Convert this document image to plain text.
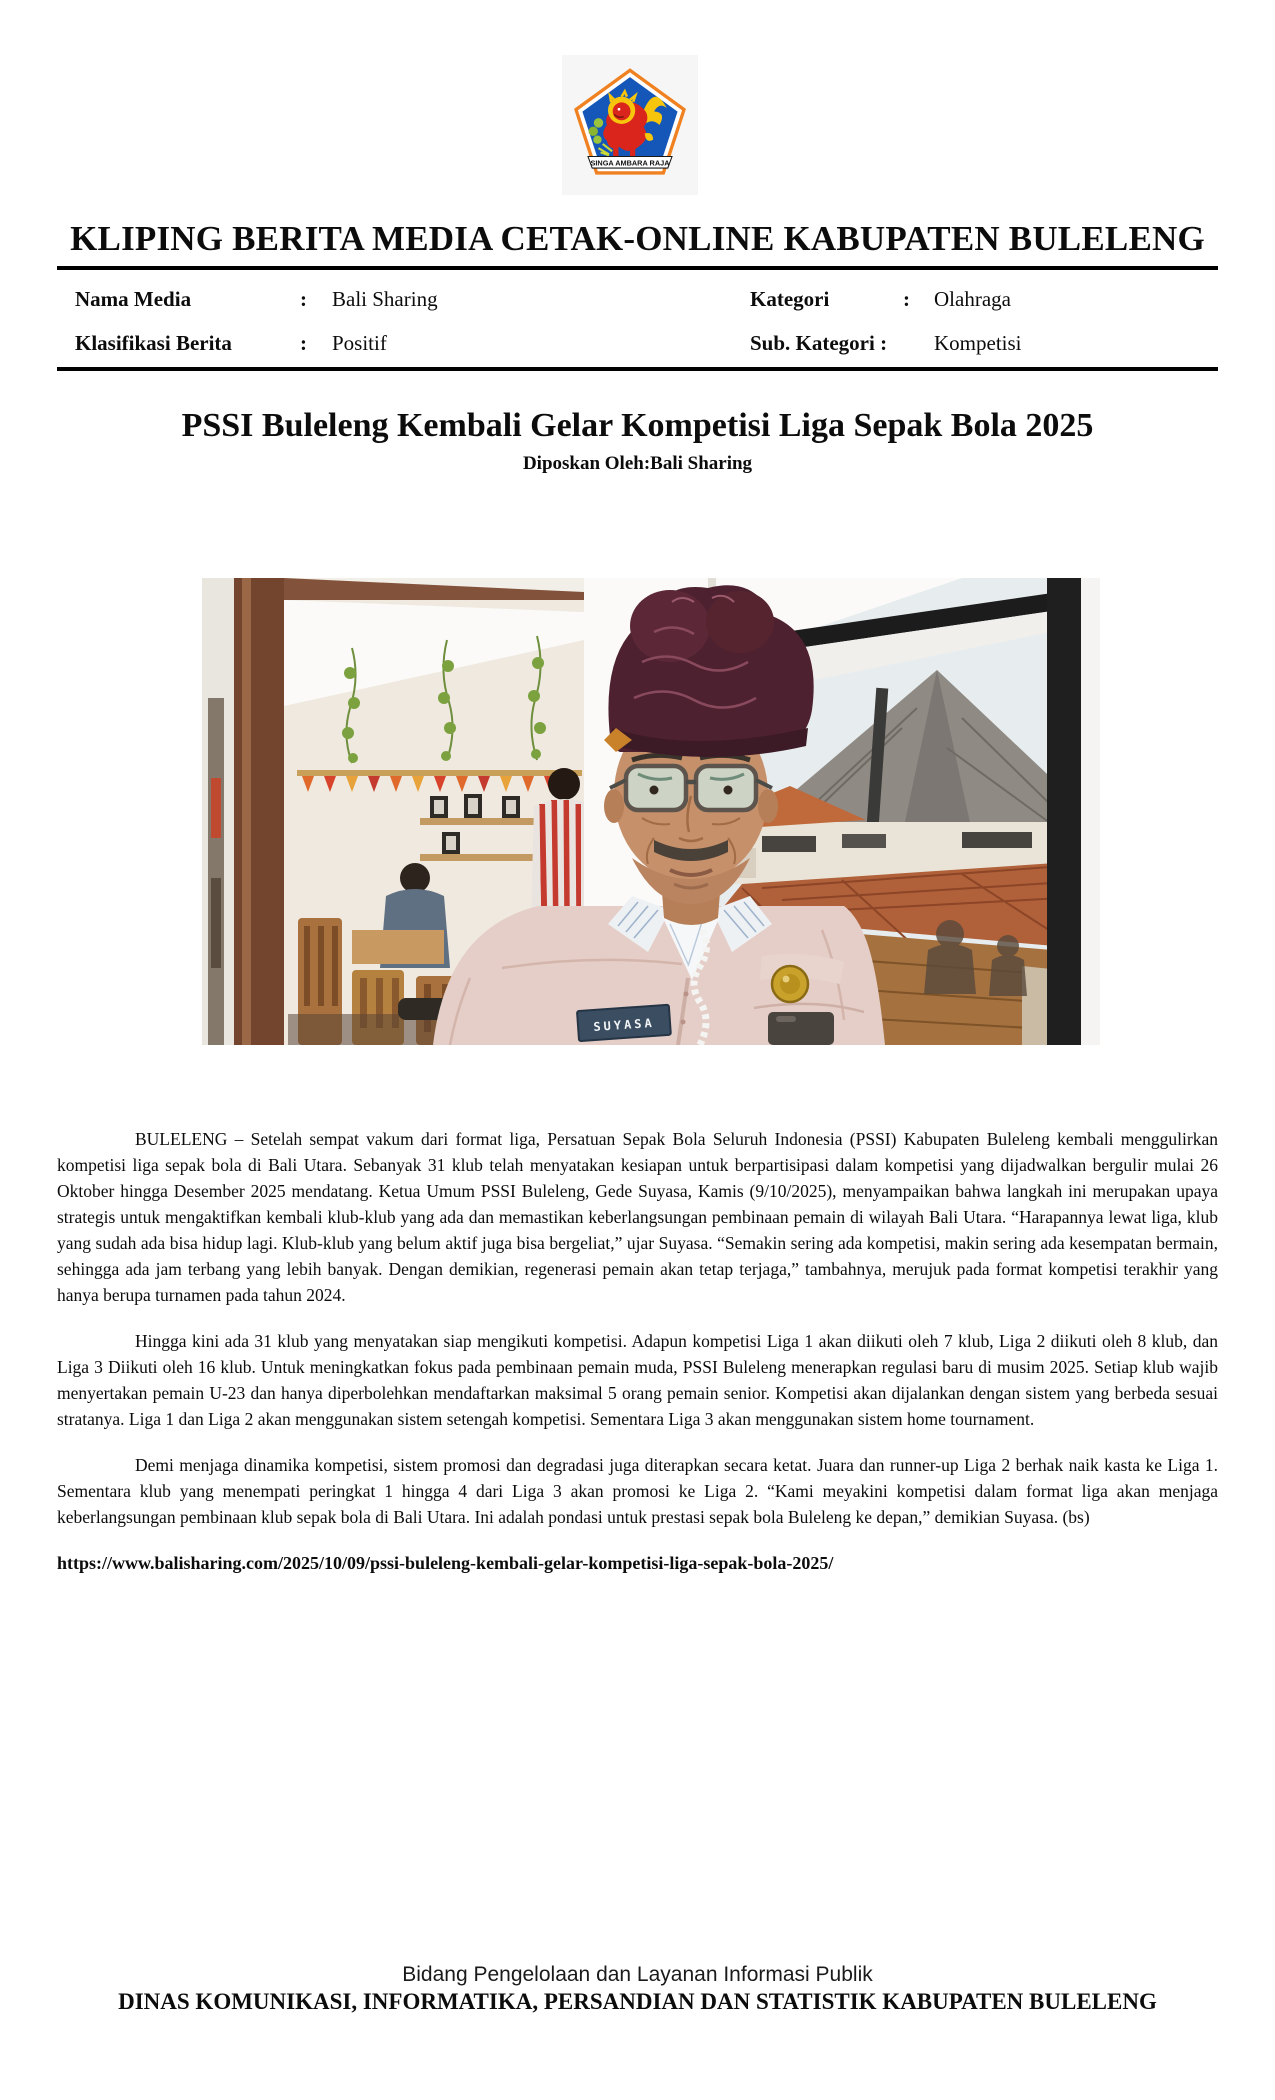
SINGA AMBARA RAJA
KLIPING BERITA MEDIA CETAK-ONLINE KABUPATEN BULELENG
Nama Media	: Bali Sharing	Kategori	: Olahraga
Klasifikasi Berita	: Positif	Sub. Kategori : Kompetisi
PSSI Buleleng Kembali Gelar Kompetisi Liga Sepak Bola 2025
Diposkan Oleh:Bali Sharing
SUYASA

BULELENG – Setelah sempat vakum dari format liga, Persatuan Sepak Bola Seluruh Indonesia (PSSI) Kabupaten Buleleng kembali menggulirkan kompetisi liga sepak bola di Bali Utara. Sebanyak 31 klub telah menyatakan kesiapan untuk berpartisipasi dalam kompetisi yang dijadwalkan bergulir mulai 26 Oktober hingga Desember 2025 mendatang. Ketua Umum PSSI Buleleng, Gede Suyasa, Kamis (9/10/2025), menyampaikan bahwa langkah ini merupakan upaya strategis untuk mengaktifkan kembali klub-klub yang ada dan memastikan keberlangsungan pembinaan pemain di wilayah Bali Utara. “Harapannya lewat liga, klub yang sudah ada bisa hidup lagi. Klub-klub yang belum aktif juga bisa bergeliat,” ujar Suyasa. “Semakin sering ada kompetisi, makin sering ada kesempatan bermain, sehingga ada jam terbang yang lebih banyak. Dengan demikian, regenerasi pemain akan tetap terjaga,” tambahnya, merujuk pada format kompetisi terakhir yang hanya berupa turnamen pada tahun 2024.

Hingga kini ada 31 klub yang menyatakan siap mengikuti kompetisi. Adapun kompetisi Liga 1 akan diikuti oleh 7 klub, Liga 2 diikuti oleh 8 klub, dan Liga 3 Diikuti oleh 16 klub. Untuk meningkatkan fokus pada pembinaan pemain muda, PSSI Buleleng menerapkan regulasi baru di musim 2025. Setiap klub wajib menyertakan pemain U-23 dan hanya diperbolehkan mendaftarkan maksimal 5 orang pemain senior. Kompetisi akan dijalankan dengan sistem yang berbeda sesuai stratanya. Liga 1 dan Liga 2 akan menggunakan sistem setengah kompetisi. Sementara Liga 3 akan menggunakan sistem home tournament.

Demi menjaga dinamika kompetisi, sistem promosi dan degradasi juga diterapkan secara ketat. Juara dan runner-up Liga 2 berhak naik kasta ke Liga 1. Sementara klub yang menempati peringkat 1 hingga 4 dari Liga 3 akan promosi ke Liga 2. “Kami meyakini kompetisi dalam format liga akan menjaga keberlangsungan pembinaan klub sepak bola di Bali Utara. Ini adalah pondasi untuk prestasi sepak bola Buleleng ke depan,” demikian Suyasa. (bs)

https://www.balisharing.com/2025/10/09/pssi-buleleng-kembali-gelar-kompetisi-liga-sepak-bola-2025/
Bidang Pengelolaan dan Layanan Informasi Publik
DINAS KOMUNIKASI, INFORMATIKA, PERSANDIAN DAN STATISTIK KABUPATEN BULELENG
